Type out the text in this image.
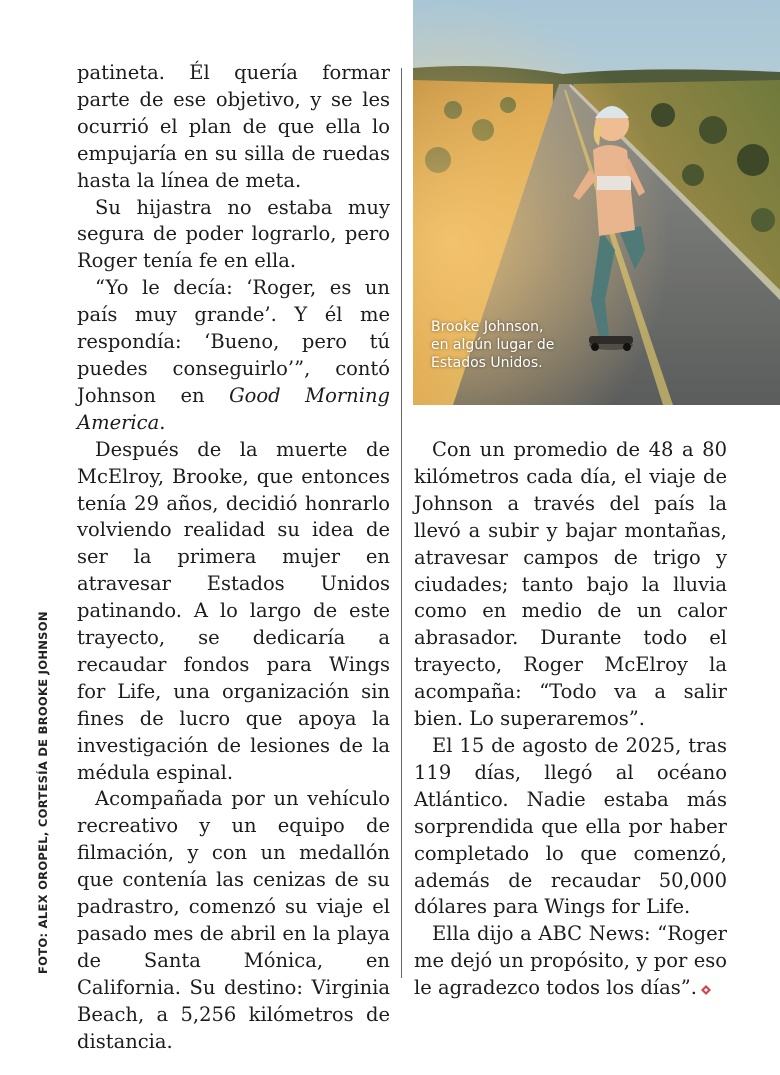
FOTO: ALEX OROPEL, CORTESÍA DE BROOKE JOHNSON
Brooke Johnson,
en algún lugar de
Estados Unidos.

patineta. Él quería formar parte de ese objetivo, y se les ocurrió el plan de que ella lo empujaría en su silla de ruedas hasta la línea de meta.

Su hijastra no estaba muy segura de poder lograrlo, pero Roger tenía fe en ella.

“Yo le decía: ‘Roger, es un país muy grande’. Y él me respondía: ‘Bueno, pero tú puedes conseguirlo’”, contó Johnson en Good Morning America.

Después de la muerte de McElroy, Brooke, que entonces tenía 29 años, decidió honrarlo volviendo realidad su idea de ser la primera mujer en atravesar Estados Unidos patinando. A lo largo de este trayecto, se dedicaría a recaudar fondos para Wings for Life, una organización sin fines de lucro que apoya la investigación de lesiones de la médula espinal.

Acompañada por un vehículo recreativo y un equipo de filmación, y con un medallón que contenía las cenizas de su padrastro, comenzó su viaje el pasado mes de abril en la playa de Santa Mónica, en California. Su destino: Virginia Beach, a 5,256 kilómetros de distancia.

Con un promedio de 48 a 80 kilómetros cada día, el viaje de Johnson a través del país la llevó a subir y bajar montañas, atravesar campos de trigo y ciudades; tanto bajo la lluvia como en medio de un calor abrasador. Durante todo el trayecto, Roger McElroy la acompaña: “Todo va a salir bien. Lo superaremos”.

El 15 de agosto de 2025, tras 119 días, llegó al océano Atlántico. Nadie estaba más sorprendida que ella por haber completado lo que comenzó, además de recaudar 50,000 dólares para Wings for Life.

Ella dijo a ABC News: “Roger me dejó un propósito, y por eso le agradezco todos los días”.
